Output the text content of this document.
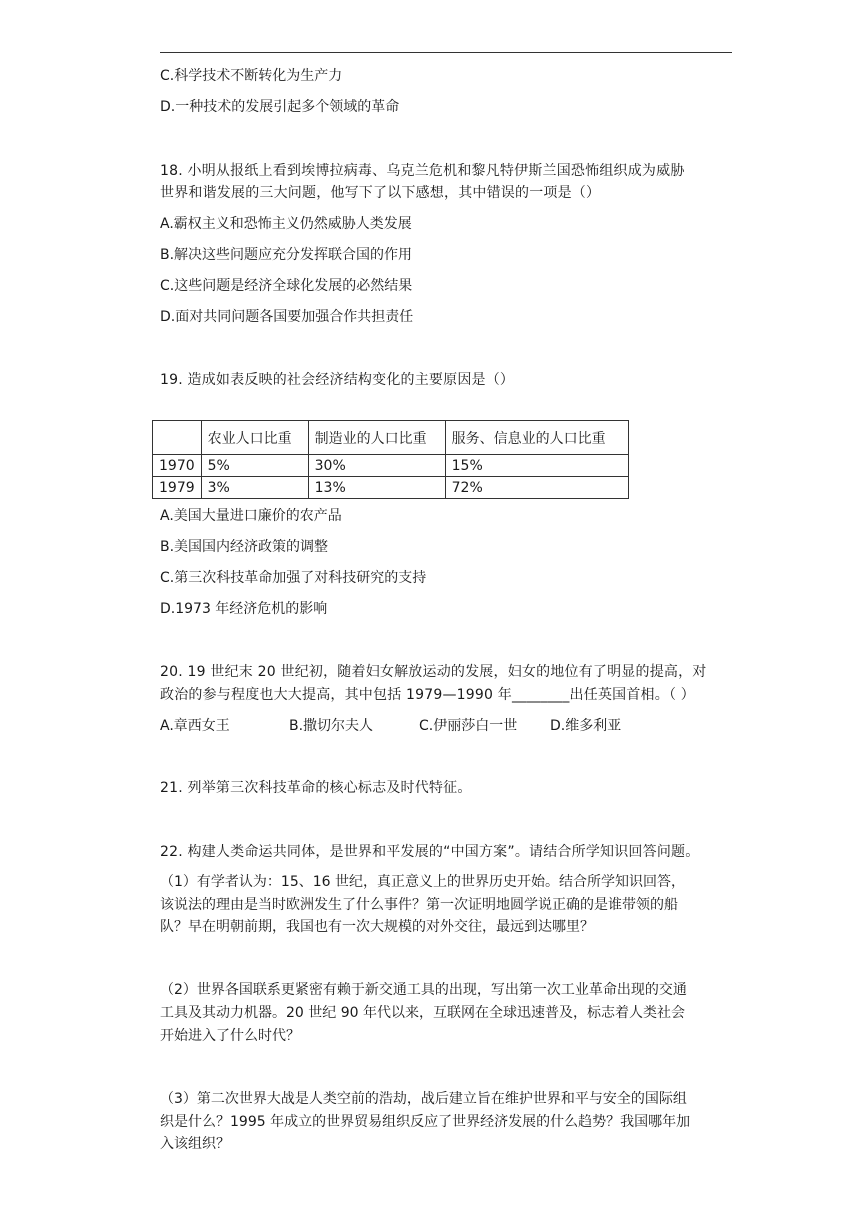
C.科学技术不断转化为生产力
D.一种技术的发展引起多个领域的革命
18. 小明从报纸上看到埃博拉病毒、乌克兰危机和黎凡特伊斯兰国恐怖组织成为威胁
世界和谐发展的三大问题，他写下了以下感想，其中错误的一项是（）
A.霸权主义和恐怖主义仍然威胁人类发展
B.解决这些问题应充分发挥联合国的作用
C.这些问题是经济全球化发展的必然结果
D.面对共同问题各国要加强合作共担责任
19. 造成如表反映的社会经济结构变化的主要原因是（）
	农业人口比重	制造业的人口比重	服务、信息业的人口比重
1970	5%	30%	15%
1979	3%	13%	72%
A.美国大量进口廉价的农产品
B.美国国内经济政策的调整
C.第三次科技革命加强了对科技研究的支持
D.1973 年经济危机的影响
20. 19 世纪末 20 世纪初，随着妇女解放运动的发展，妇女的地位有了明显的提高，对
政治的参与程度也大大提高，其中包括 1979—1990 年________出任英国首相。（ ）
A.章西女王	B.撒切尔夫人	C.伊丽莎白一世 D.维多利亚
21. 列举第三次科技革命的核心标志及时代特征。
22. 构建人类命运共同体，是世界和平发展的“中国方案”。请结合所学知识回答问题。
（1）有学者认为：15、16 世纪，真正意义上的世界历史开始。结合所学知识回答，
该说法的理由是当时欧洲发生了什么事件？第一次证明地圆学说正确的是谁带领的船
队？早在明朝前期，我国也有一次大规模的对外交往，最远到达哪里？
（2）世界各国联系更紧密有赖于新交通工具的出现，写出第一次工业革命出现的交通
工具及其动力机器。20 世纪 90 年代以来，互联网在全球迅速普及，标志着人类社会
开始进入了什么时代？
（3）第二次世界大战是人类空前的浩劫，战后建立旨在维护世界和平与安全的国际组
织是什么？1995 年成立的世界贸易组织反应了世界经济发展的什么趋势？我国哪年加
入该组织？
